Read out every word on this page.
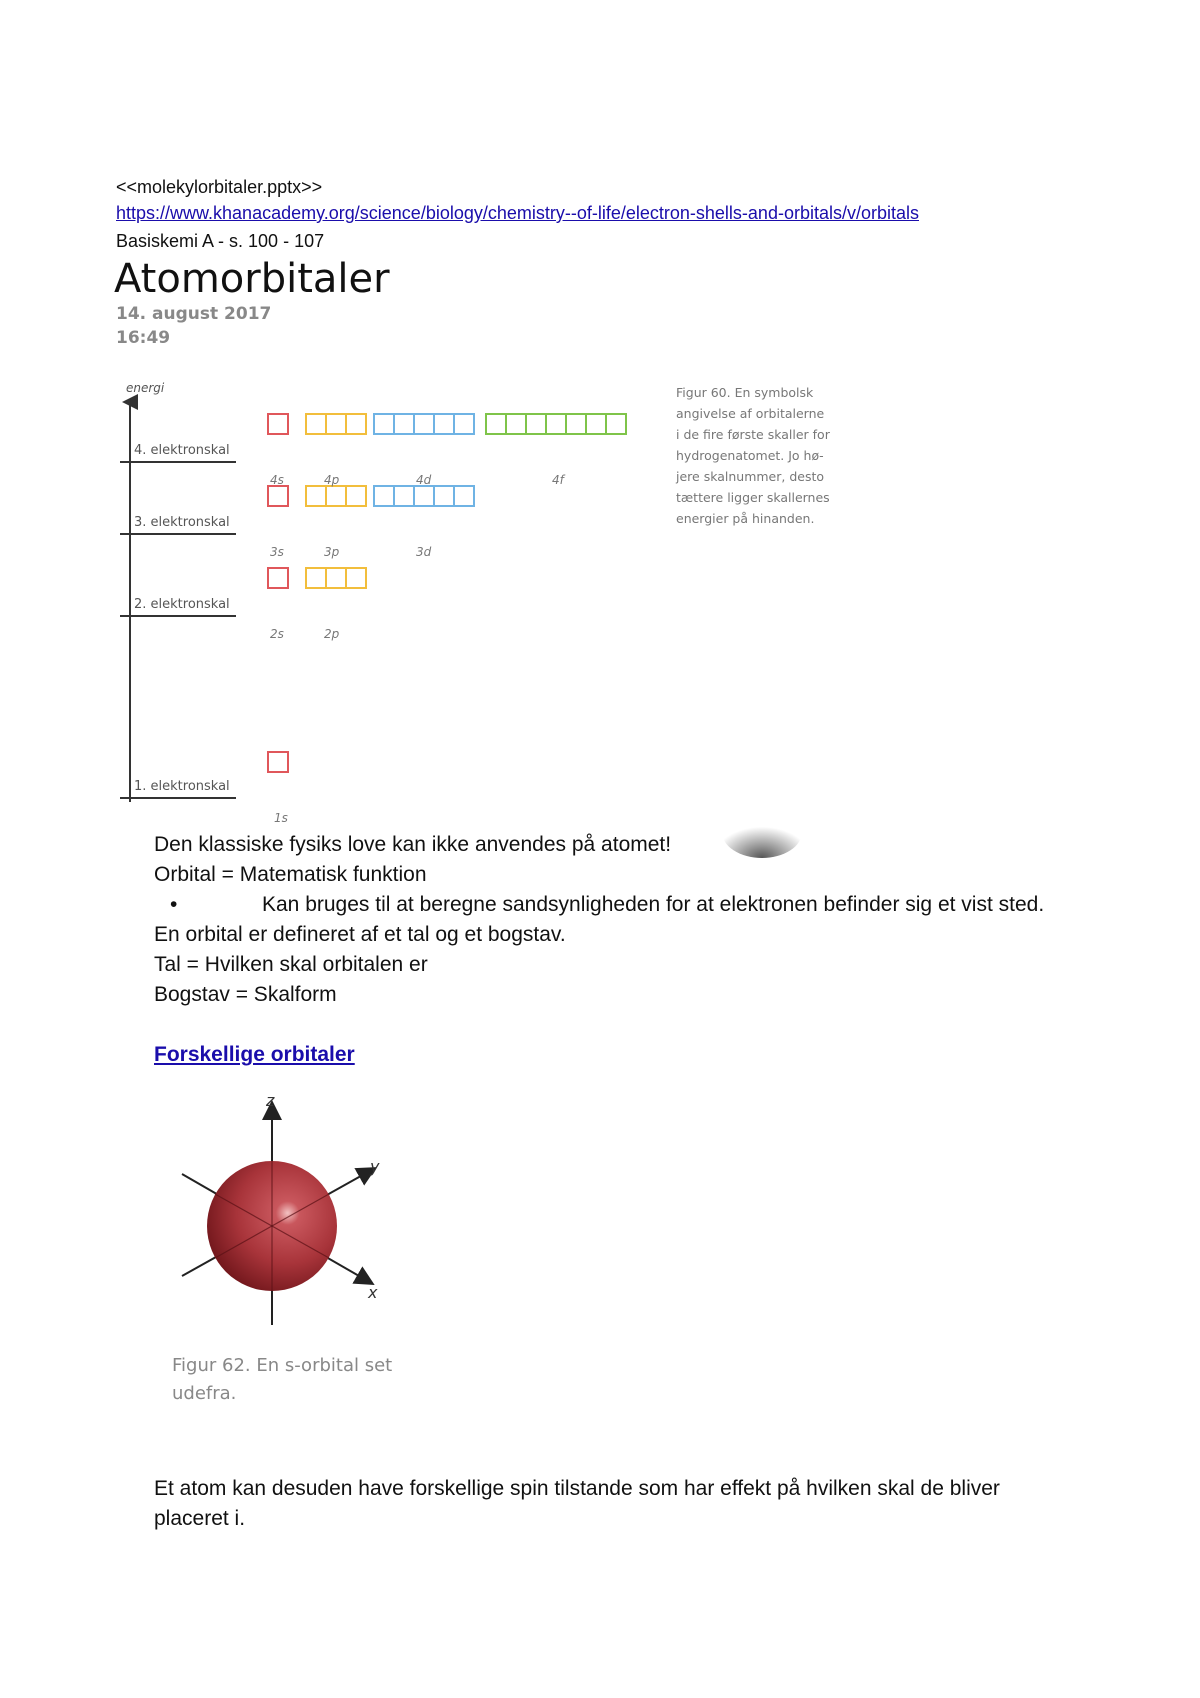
<<molekylorbitaler.pptx>>
https://www.khanacademy.org/science/biology/chemistry--of-life/electron-shells-and-orbitals/v/orbitals
Basiskemi A - s. 100 - 107
Atomorbitaler
14. august 2017
16:49
energi
4. elektronskal
3. elektronskal
2. elektronskal
1. elektronskal
4s	4p	4d	4f
3s	3p	3d
2s	2p
1s
Figur 60. En symbolsk
angivelse af orbitalerne
i de fire første skaller for
hydrogenatomet. Jo hø-
jere skalnummer, desto
tættere ligger skallernes
energier på hinanden.
Den klassiske fysiks love kan ikke anvendes på atomet!
Orbital = Matematisk funktion
•	Kan bruges til at beregne sandsynligheden for at elektronen befinder sig et vist sted.
En orbital er defineret af et tal og et bogstav.
Tal = Hvilken skal orbitalen er
Bogstav = Skalform
Forskellige orbitaler
z
y
x
Figur 62. En s-orbital set
udefra.
Et atom kan desuden have forskellige spin tilstande som har effekt på hvilken skal de bliver
placeret i.
